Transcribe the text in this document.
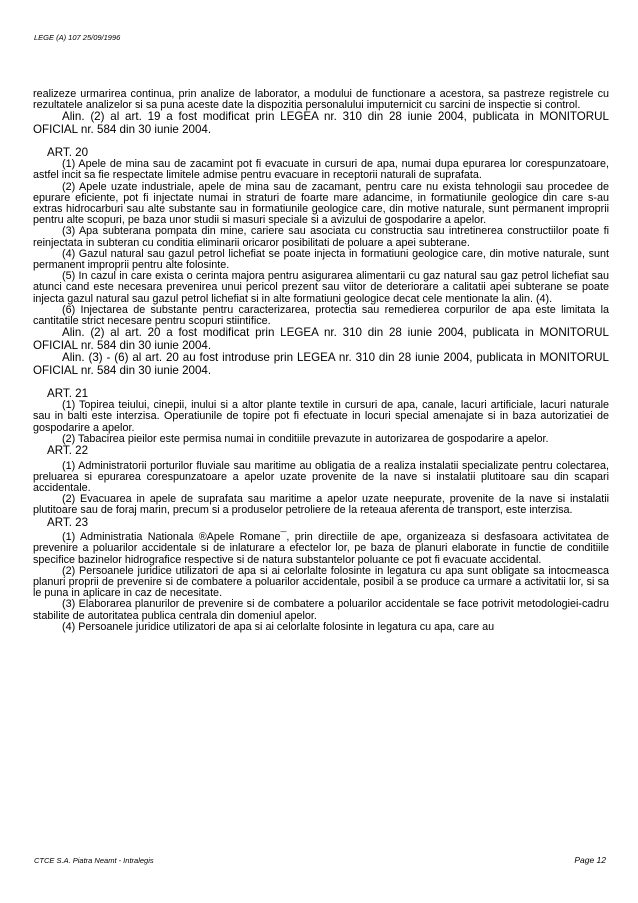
LEGE (A) 107 25/09/1996

realizeze urmarirea continua, prin analize de laborator, a modului de functionare a acestora, sa pastreze registrele cu rezultatele analizelor si sa puna aceste date la dispozitia personalului imputernicit cu sarcini de inspectie si control.

Alin. (2) al art. 19 a fost modificat prin LEGEA nr. 310 din 28 iunie 2004, publicata in MONITORUL OFICIAL nr. 584 din 30 iunie 2004.

ART. 20

(1) Apele de mina sau de zacamint pot fi evacuate in cursuri de apa, numai dupa epurarea lor corespunzatoare, astfel incit sa fie respectate limitele admise pentru evacuare in receptorii naturali de suprafata.

(2) Apele uzate industriale, apele de mina sau de zacamant, pentru care nu exista tehnologii sau procedee de epurare eficiente, pot fi injectate numai in straturi de foarte mare adancime, in formatiunile geologice din care s-au extras hidrocarburi sau alte substante sau in formatiunile geologice care, din motive naturale, sunt permanent improprii pentru alte scopuri, pe baza unor studii si masuri speciale si a avizului de gospodarire a apelor.

(3) Apa subterana pompata din mine, cariere sau asociata cu constructia sau intretinerea constructiilor poate fi reinjectata in subteran cu conditia eliminarii oricaror posibilitati de poluare a apei subterane.

(4) Gazul natural sau gazul petrol lichefiat se poate injecta in formatiuni geologice care, din motive naturale, sunt permanent improprii pentru alte folosinte.

(5) In cazul in care exista o cerinta majora pentru asigurarea alimentarii cu gaz natural sau gaz petrol lichefiat sau atunci cand este necesara prevenirea unui pericol prezent sau viitor de deteriorare a calitatii apei subterane se poate injecta gazul natural sau gazul petrol lichefiat si in alte formatiuni geologice decat cele mentionate la alin. (4).

(6) Injectarea de substante pentru caracterizarea, protectia sau remedierea corpurilor de apa este limitata la cantitatile strict necesare pentru scopuri stiintifice.

Alin. (2) al art. 20 a fost modificat prin LEGEA nr. 310 din 28 iunie 2004, publicata in MONITORUL OFICIAL nr. 584 din 30 iunie 2004.

Alin. (3) - (6) al art. 20 au fost introduse prin LEGEA nr. 310 din 28 iunie 2004, publicata in MONITORUL OFICIAL nr. 584 din 30 iunie 2004.

ART. 21

(1) Topirea teiului, cinepii, inului si a altor plante textile in cursuri de apa, canale, lacuri artificiale, lacuri naturale sau in balti este interzisa. Operatiunile de topire pot fi efectuate in locuri special amenajate si in baza autorizatiei de gospodarire a apelor.

(2) Tabacirea pieilor este permisa numai in conditiile prevazute in autorizarea de gospodarire a apelor.

ART. 22

(1) Administratorii porturilor fluviale sau maritime au obligatia de a realiza instalatii specializate pentru colectarea, preluarea si epurarea corespunzatoare a apelor uzate provenite de la nave si instalatii plutitoare sau din scapari accidentale.

(2) Evacuarea in apele de suprafata sau maritime a apelor uzate neepurate, provenite de la nave si instalatii plutitoare sau de foraj marin, precum si a produselor petroliere de la reteaua aferenta de transport, este interzisa.

ART. 23

(1) Administratia Nationala ®Apele Romane¯, prin directiile de ape, organizeaza si desfasoara activitatea de prevenire a poluarilor accidentale si de inlaturare a efectelor lor, pe baza de planuri elaborate in functie de conditiile specifice bazinelor hidrografice respective si de natura substantelor poluante ce pot fi evacuate accidental.

(2) Persoanele juridice utilizatori de apa si ai celorlalte folosinte in legatura cu apa sunt obligate sa intocmeasca planuri proprii de prevenire si de combatere a poluarilor accidentale, posibil a se produce ca urmare a activitatii lor, si sa le puna in aplicare in caz de necesitate.

(3) Elaborarea planurilor de prevenire si de combatere a poluarilor accidentale se face potrivit metodologiei-cadru stabilite de autoritatea publica centrala din domeniul apelor.

(4) Persoanele juridice utilizatori de apa si ai celorlalte folosinte in legatura cu apa, care au

CTCE S.A. Piatra Neamt - Intralegis	Page 12
